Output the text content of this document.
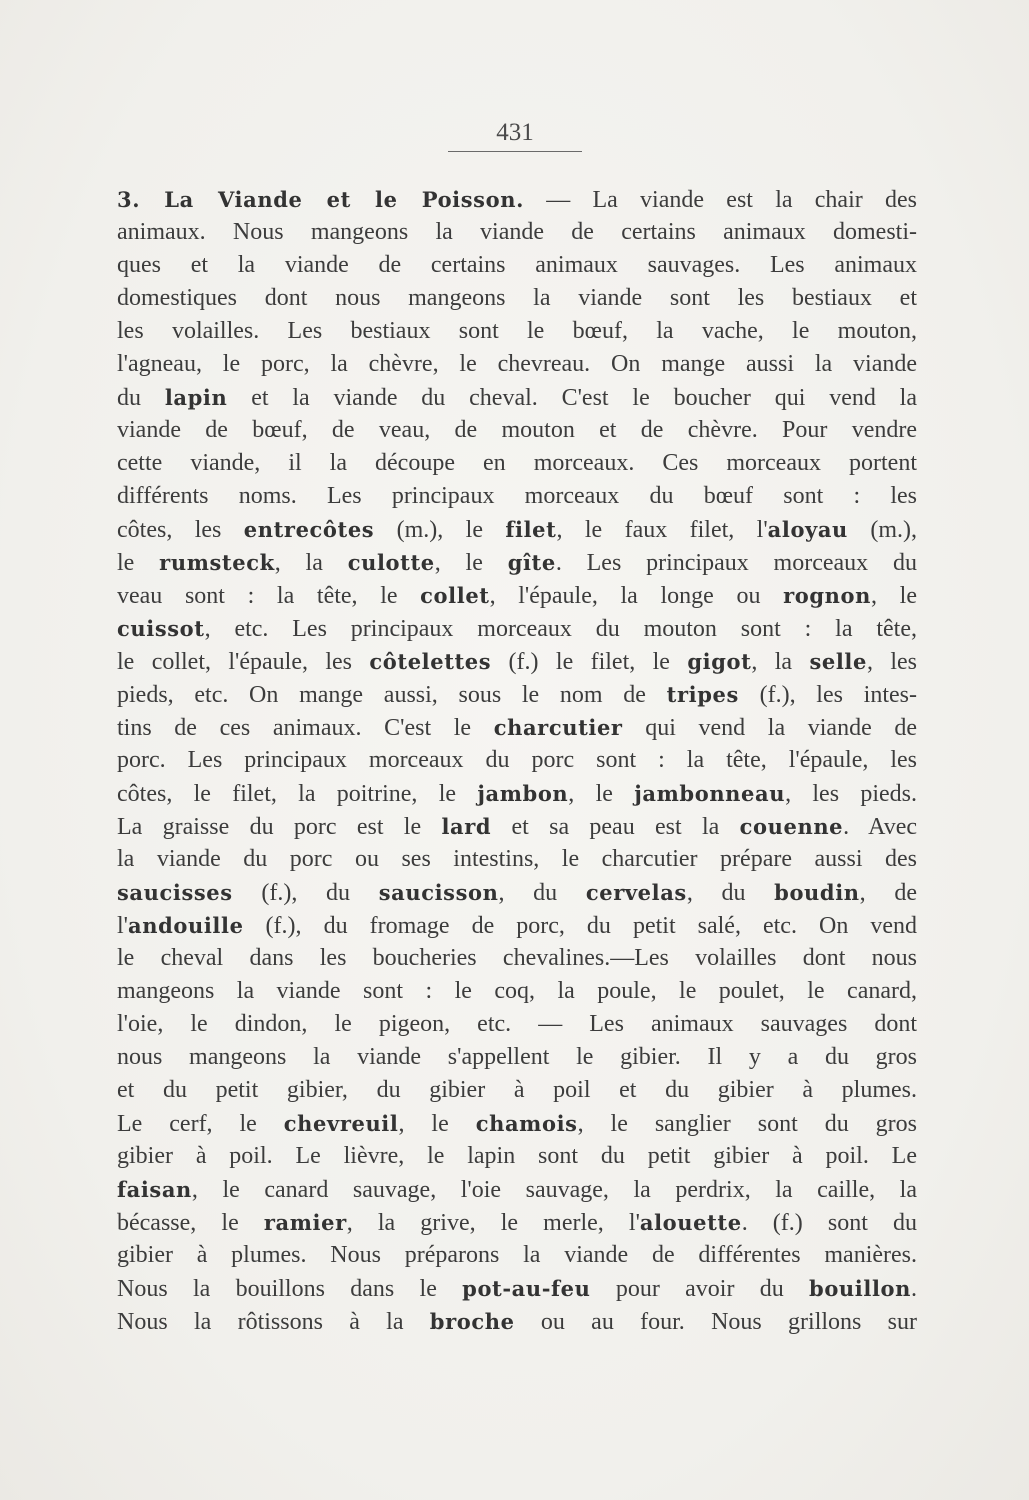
431
3. La Viande et le Poisson. — La viande est la chair des
animaux. Nous mangeons la viande de certains animaux domesti-
ques et la viande de certains animaux sauvages. Les animaux
domestiques dont nous mangeons la viande sont les bestiaux et
les volailles. Les bestiaux sont le bœuf, la vache, le mouton,
l'agneau, le porc, la chèvre, le chevreau. On mange aussi la viande
du lapin et la viande du cheval. C'est le boucher qui vend la
viande de bœuf, de veau, de mouton et de chèvre. Pour vendre
cette viande, il la découpe en morceaux. Ces morceaux portent
différents noms. Les principaux morceaux du bœuf sont : les
côtes, les entrecôtes (m.), le filet, le faux filet, l'aloyau (m.),
le rumsteck, la culotte, le gîte. Les principaux morceaux du
veau sont : la tête, le collet, l'épaule, la longe ou rognon, le
cuissot, etc. Les principaux morceaux du mouton sont : la tête,
le collet, l'épaule, les côtelettes (f.) le filet, le gigot, la selle, les
pieds, etc. On mange aussi, sous le nom de tripes (f.), les intes-
tins de ces animaux. C'est le charcutier qui vend la viande de
porc. Les principaux morceaux du porc sont : la tête, l'épaule, les
côtes, le filet, la poitrine, le jambon, le jambonneau, les pieds.
La graisse du porc est le lard et sa peau est la couenne. Avec
la viande du porc ou ses intestins, le charcutier prépare aussi des
saucisses (f.), du saucisson, du cervelas, du boudin, de
l'andouille (f.), du fromage de porc, du petit salé, etc. On vend
le cheval dans les boucheries chevalines.—Les volailles dont nous
mangeons la viande sont : le coq, la poule, le poulet, le canard,
l'oie, le dindon, le pigeon, etc. — Les animaux sauvages dont
nous mangeons la viande s'appellent le gibier. Il y a du gros
et du petit gibier, du gibier à poil et du gibier à plumes.
Le cerf, le chevreuil, le chamois, le sanglier sont du gros
gibier à poil. Le lièvre, le lapin sont du petit gibier à poil. Le
faisan, le canard sauvage, l'oie sauvage, la perdrix, la caille, la
bécasse, le ramier, la grive, le merle, l'alouette. (f.) sont du
gibier à plumes. Nous préparons la viande de différentes manières.
Nous la bouillons dans le pot-au-feu pour avoir du bouillon.
Nous la rôtissons à la broche ou au four. Nous grillons sur
